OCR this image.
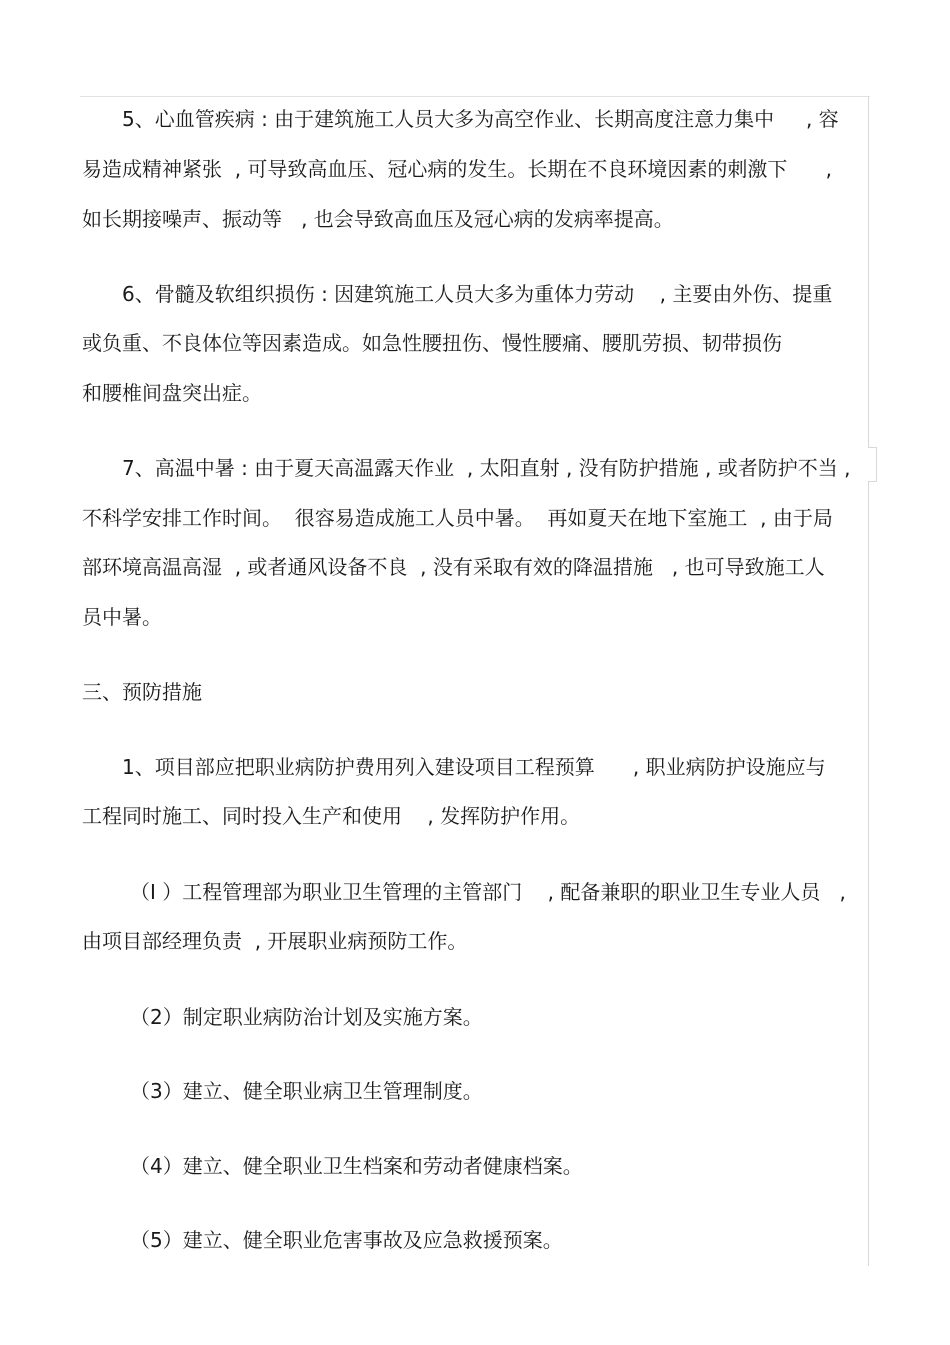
5、心血管疾病 : 由于建筑施工人员大多为高空作业、长期高度注意力集中     , 容
易造成精神紧张  , 可导致高血压、冠心病的发生。长期在不良环境因素的刺激下      ,
如长期接噪声、振动等   , 也会导致高血压及冠心病的发病率提高。
6、骨髓及软组织损伤 : 因建筑施工人员大多为重体力劳动    , 主要由外伤、提重
或负重、不良体位等因素造成。如急性腰扭伤、慢性腰痛、腰肌劳损、韧带损伤
和腰椎间盘突出症。
7、高温中暑 : 由于夏天高温露天作业  , 太阳直射 , 没有防护措施 , 或者防护不当 ,
不科学安排工作时间。  很容易造成施工人员中暑。  再如夏天在地下室施工  , 由于局
部环境高温高湿  , 或者通风设备不良  , 没有采取有效的降温措施   , 也可导致施工人
员中暑。
三、预防措施
1、项目部应把职业病防护费用列入建设项目工程预算      , 职业病防护设施应与
工程同时施工、同时投入生产和使用    , 发挥防护作用。
（I ）工程管理部为职业卫生管理的主管部门    , 配备兼职的职业卫生专业人员   ,
由项目部经理负责  , 开展职业病预防工作。
（2）制定职业病防治计划及实施方案。
（3）建立、健全职业病卫生管理制度。
（4）建立、健全职业卫生档案和劳动者健康档案。
（5）建立、健全职业危害事故及应急救援预案。
